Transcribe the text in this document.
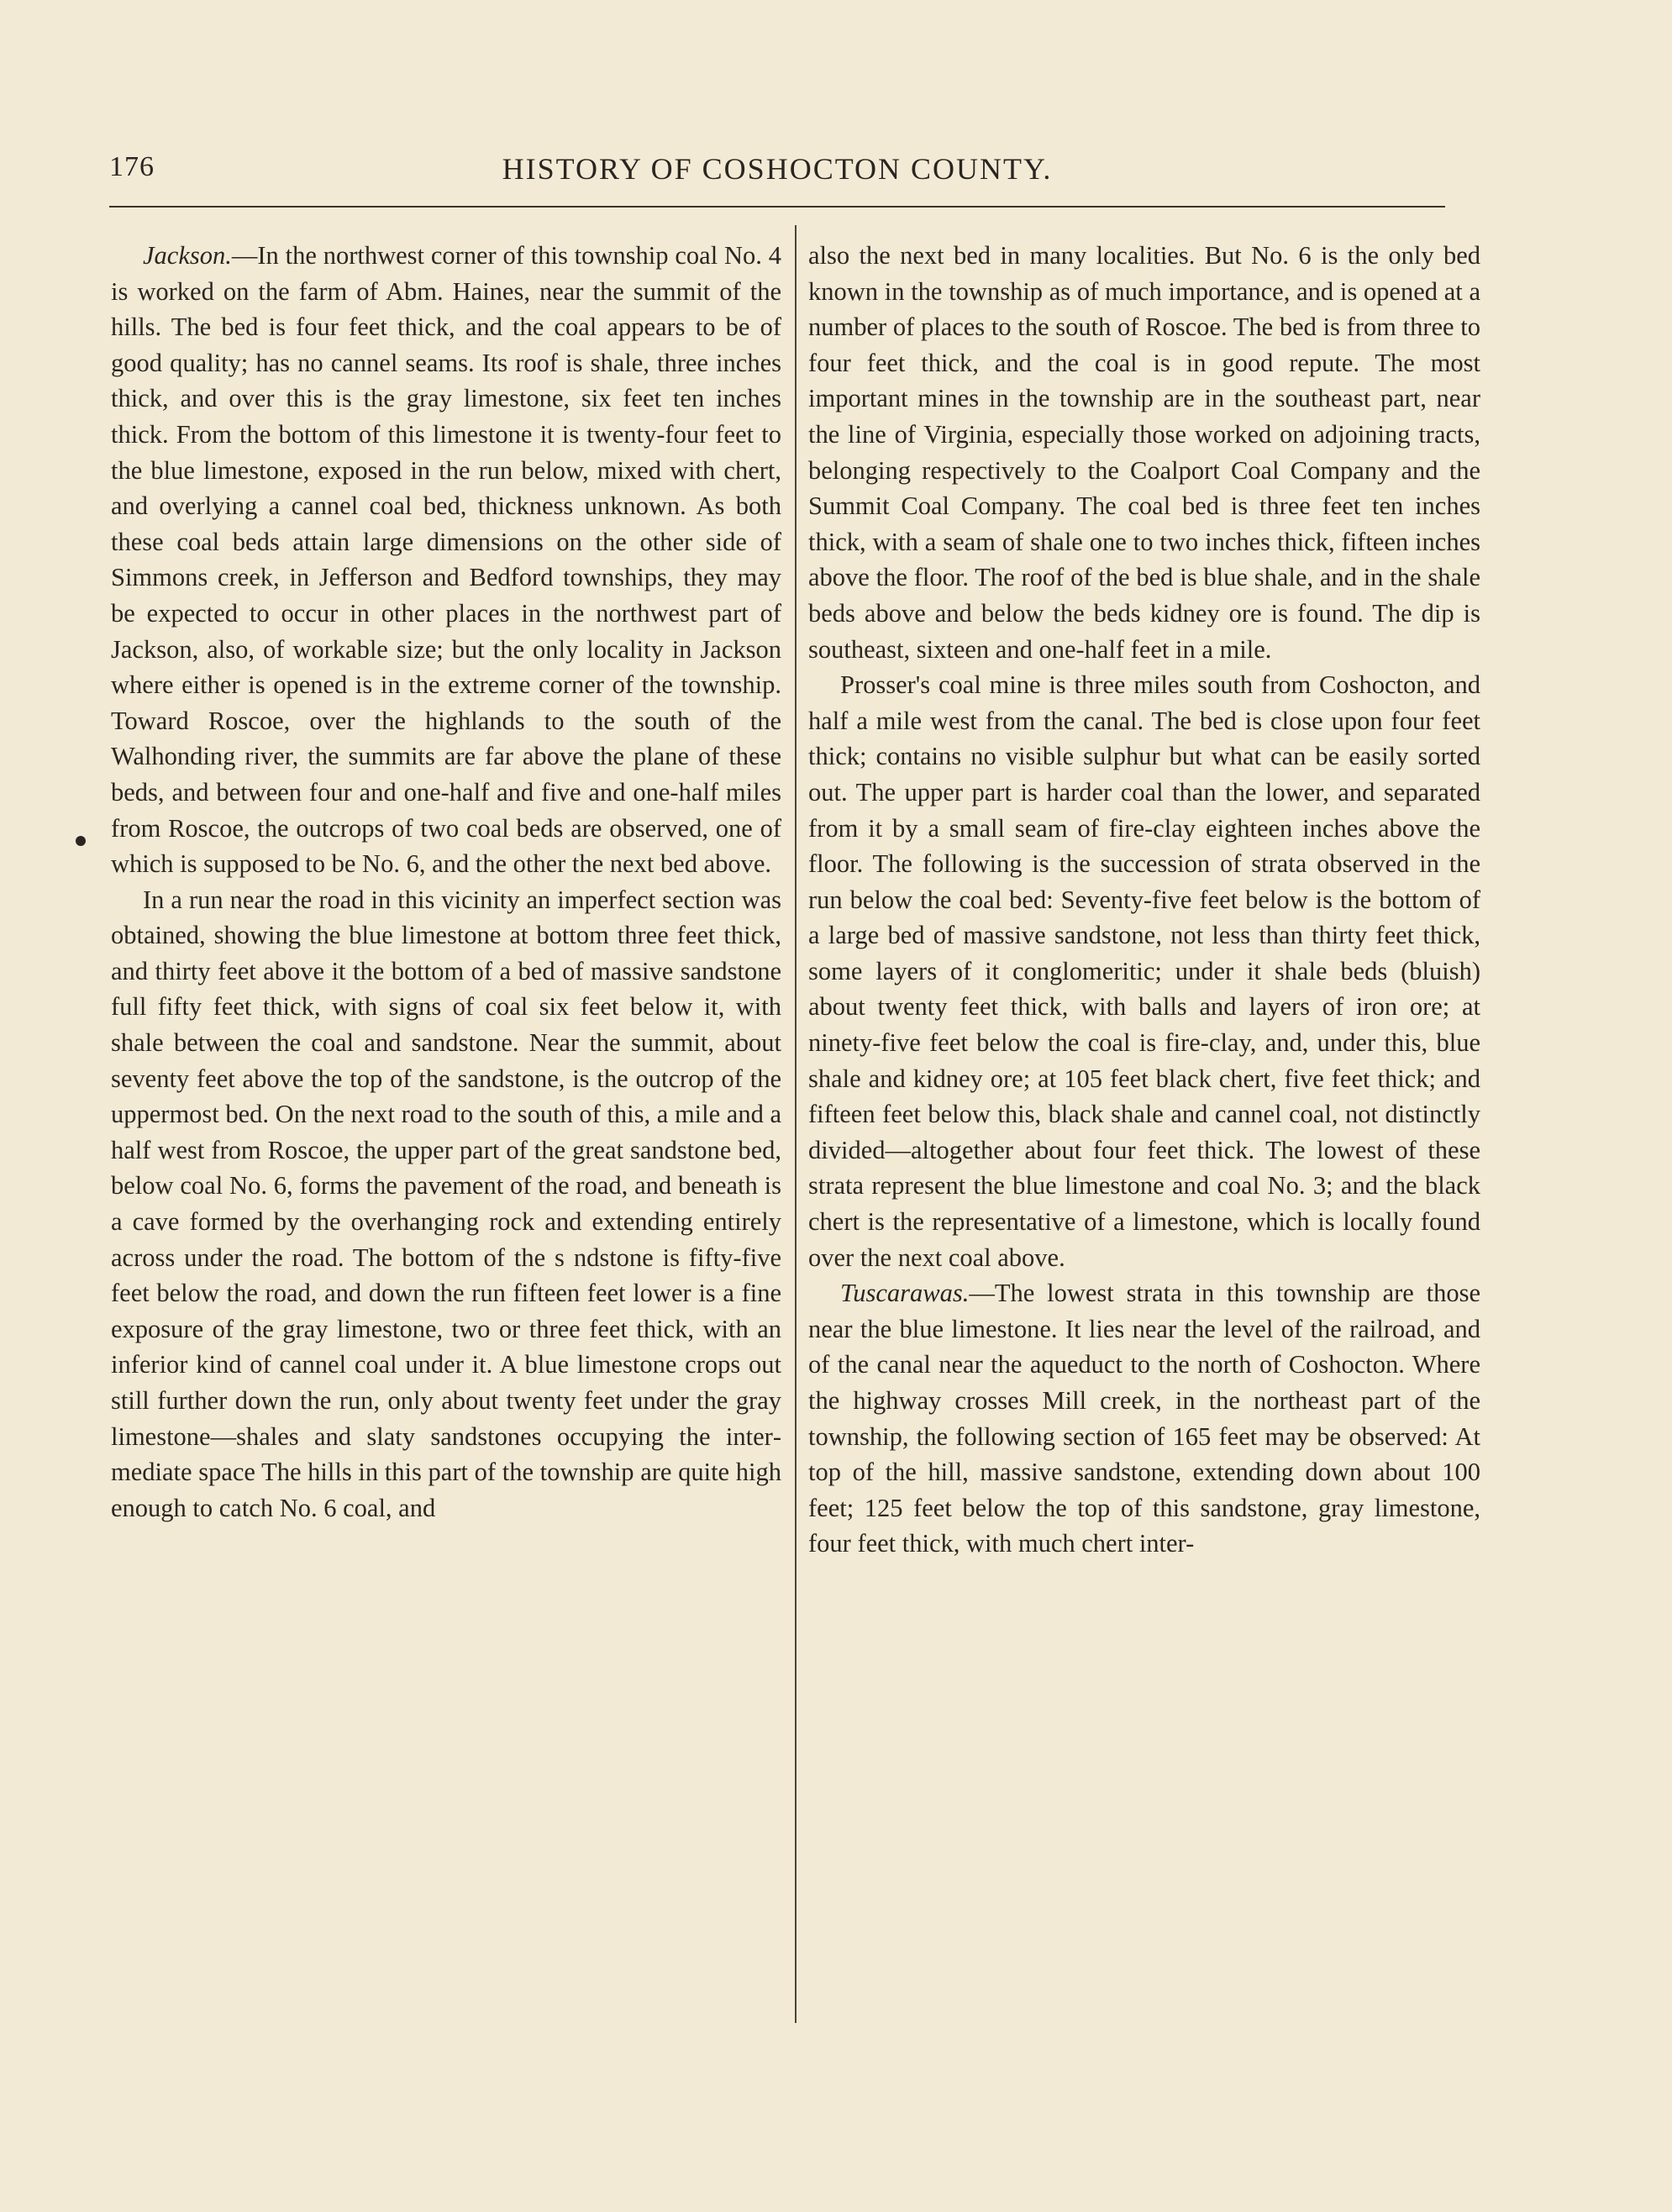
176	HISTORY OF COSHOCTON COUNTY.

Jackson.—In the northwest corner of this township coal No. 4 is worked on the farm of Abm. Haines, near the summit of the hills. The bed is four feet thick, and the coal appears to be of good quality; has no cannel seams. Its roof is shale, three inches thick, and over this is the gray limestone, six feet ten inches thick. From the bottom of this limestone it is twenty-four feet to the blue limestone, exposed in the run below, mixed with chert, and overlying a cannel coal bed, thickness unknown. As both these coal beds attain large dimensions on the other side of Simmons creek, in Jefferson and Bedford townships, they may be expected to occur in other places in the northwest part of Jackson, also, of workable size; but the only locality in Jackson where either is opened is in the extreme corner of the township. Toward Roscoe, over the highlands to the south of the Walhonding river, the summits are far above the plane of these beds, and between four and one-half and five and one-half miles from Roscoe, the outcrops of two coal beds are observed, one of which is supposed to be No. 6, and the other the next bed above.

In a run near the road in this vicinity an imperfect section was obtained, showing the blue limestone at bottom three feet thick, and thirty feet above it the bottom of a bed of massive sandstone full fifty feet thick, with signs of coal six feet below it, with shale between the coal and sandstone. Near the summit, about seventy feet above the top of the sandstone, is the outcrop of the uppermost bed. On the next road to the south of this, a mile and a half west from Roscoe, the upper part of the great sandstone bed, below coal No. 6, forms the pavement of the road, and beneath is a cave formed by the overhanging rock and extending entirely across under the road. The bottom of the s ndstone is fifty-five feet below the road, and down the run fifteen feet lower is a fine exposure of the gray limestone, two or three feet thick, with an inferior kind of cannel coal under it. A blue limestone crops out still further down the run, only about twenty feet under the gray limestone—shales and slaty sandstones occupying the intermediate space The hills in this part of the township are quite high enough to catch No. 6 coal, and

also the next bed in many localities. But No. 6 is the only bed known in the township as of much importance, and is opened at a number of places to the south of Roscoe. The bed is from three to four feet thick, and the coal is in good repute. The most important mines in the township are in the southeast part, near the line of Virginia, especially those worked on adjoining tracts, belonging respectively to the Coalport Coal Company and the Summit Coal Company. The coal bed is three feet ten inches thick, with a seam of shale one to two inches thick, fifteen inches above the floor. The roof of the bed is blue shale, and in the shale beds above and below the beds kidney ore is found. The dip is southeast, sixteen and one-half feet in a mile.

Prosser's coal mine is three miles south from Coshocton, and half a mile west from the canal. The bed is close upon four feet thick; contains no visible sulphur but what can be easily sorted out. The upper part is harder coal than the lower, and separated from it by a small seam of fire-clay eighteen inches above the floor. The following is the succession of strata observed in the run below the coal bed: Seventy-five feet below is the bottom of a large bed of massive sandstone, not less than thirty feet thick, some layers of it conglomeritic; under it shale beds (bluish) about twenty feet thick, with balls and layers of iron ore; at ninety-five feet below the coal is fire-clay, and, under this, blue shale and kidney ore; at 105 feet black chert, five feet thick; and fifteen feet below this, black shale and cannel coal, not distinctly divided—altogether about four feet thick. The lowest of these strata represent the blue limestone and coal No. 3; and the black chert is the representative of a limestone, which is locally found over the next coal above.

Tuscarawas.—The lowest strata in this township are those near the blue limestone. It lies near the level of the railroad, and of the canal near the aqueduct to the north of Coshocton. Where the highway crosses Mill creek, in the northeast part of the township, the following section of 165 feet may be observed: At top of the hill, massive sandstone, extending down about 100 feet; 125 feet below the top of this sandstone, gray limestone, four feet thick, with much chert inter-
